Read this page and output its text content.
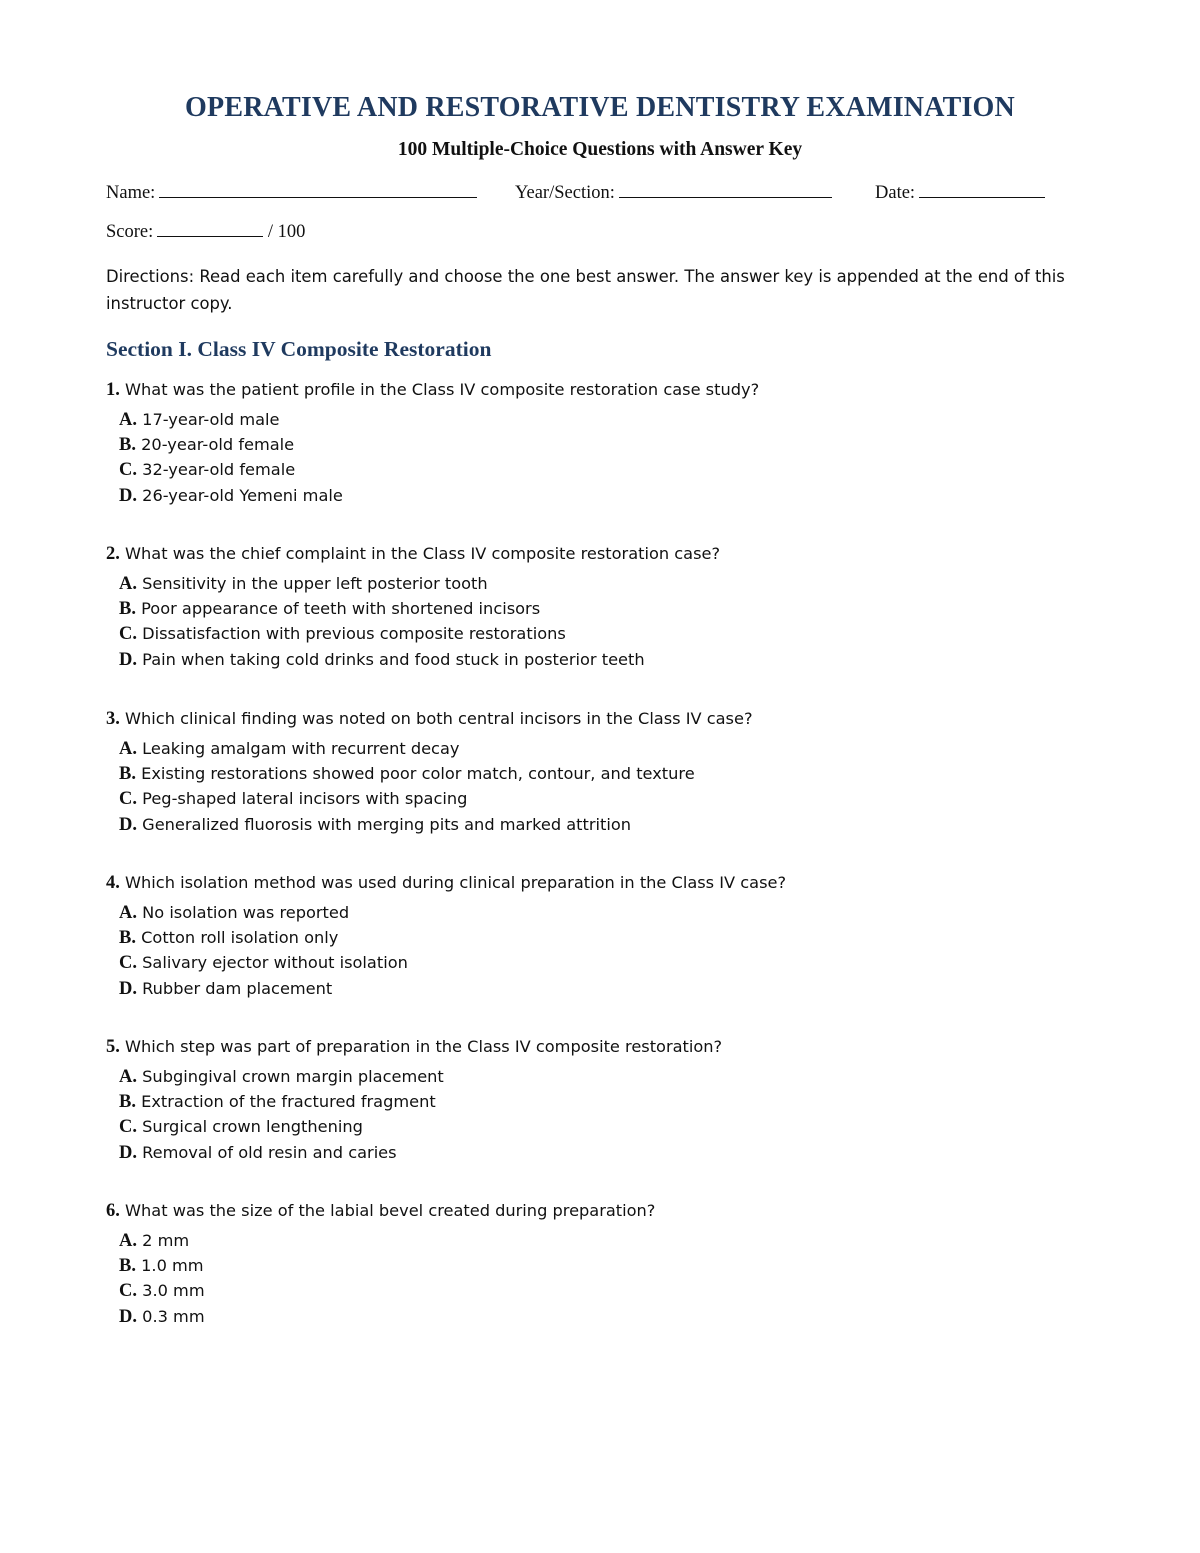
OPERATIVE AND RESTORATIVE DENTISTRY EXAMINATION
100 Multiple-Choice Questions with Answer Key
Name:	Year/Section:	Date:
Score:	/ 100

Directions: Read each item carefully and choose the one best answer. The answer key is appended at the end of this instructor copy.

Section I. Class IV Composite Restoration
1. What was the patient profile in the Class IV composite restoration case study?
A. 17-year-old male
B. 20-year-old female
C. 32-year-old female
D. 26-year-old Yemeni male
2. What was the chief complaint in the Class IV composite restoration case?
A. Sensitivity in the upper left posterior tooth
B. Poor appearance of teeth with shortened incisors
C. Dissatisfaction with previous composite restorations
D. Pain when taking cold drinks and food stuck in posterior teeth
3. Which clinical finding was noted on both central incisors in the Class IV case?
A. Leaking amalgam with recurrent decay
B. Existing restorations showed poor color match, contour, and texture
C. Peg-shaped lateral incisors with spacing
D. Generalized fluorosis with merging pits and marked attrition
4. Which isolation method was used during clinical preparation in the Class IV case?
A. No isolation was reported
B. Cotton roll isolation only
C. Salivary ejector without isolation
D. Rubber dam placement
5. Which step was part of preparation in the Class IV composite restoration?
A. Subgingival crown margin placement
B. Extraction of the fractured fragment
C. Surgical crown lengthening
D. Removal of old resin and caries
6. What was the size of the labial bevel created during preparation?
A. 2 mm
B. 1.0 mm
C. 3.0 mm
D. 0.3 mm
